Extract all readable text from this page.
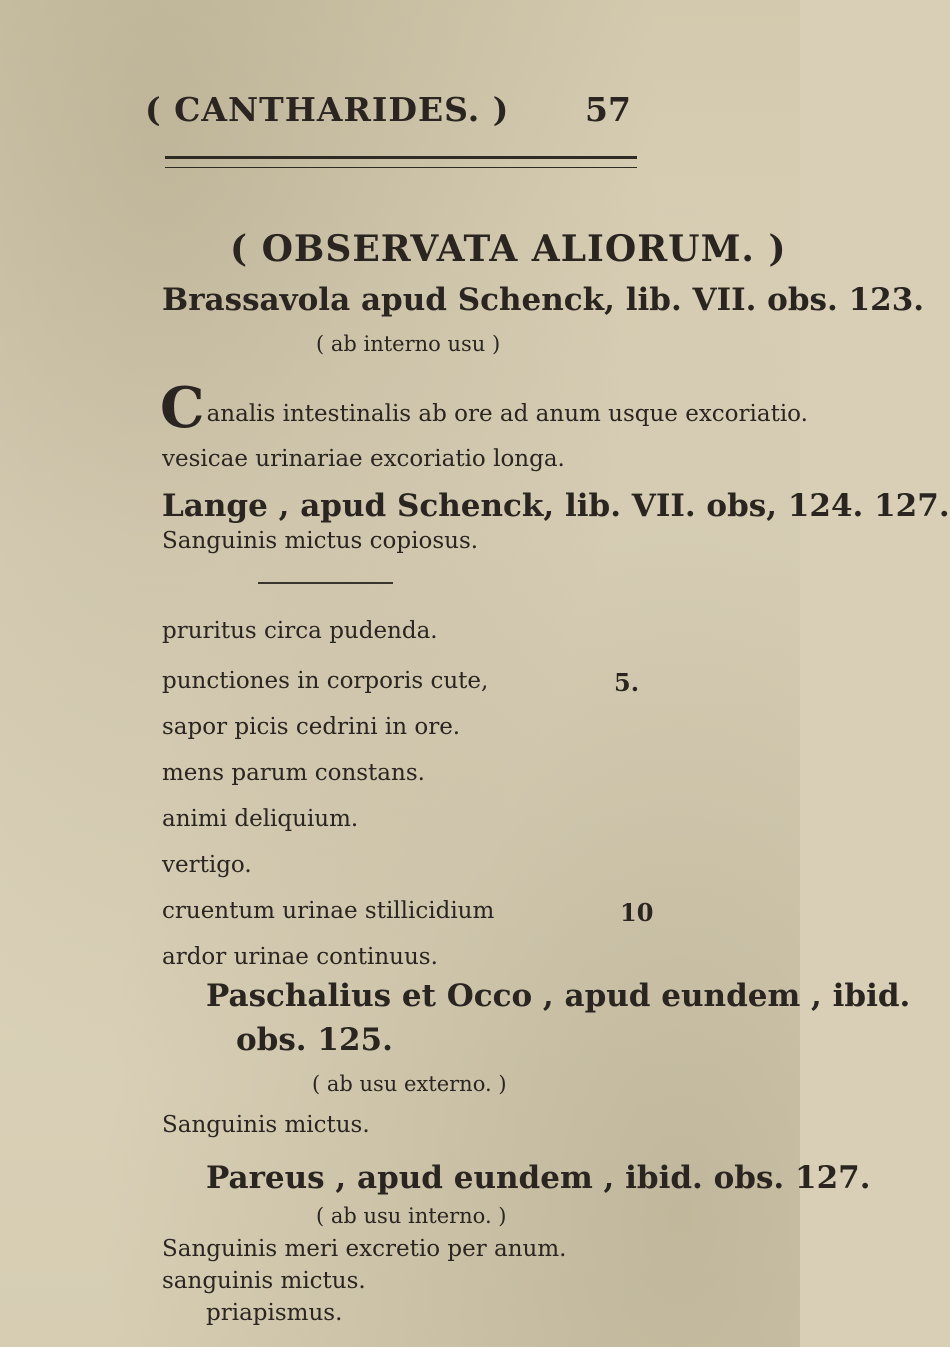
( CANTHARIDES. ) 57
( OBSERVATA ALIORUM. )
Brassavola apud Schenck, lib. VII. obs. 123.
( ab interno usu )
Canalis intestinalis ab ore ad anum usque excoriatio.
vesicae urinariae excoriatio longa.
Lange , apud Schenck, lib. VII. obs, 124. 127.
Sanguinis mictus copiosus.
pruritus circa pudenda.
punctiones in corporis cute,	5.
sapor picis cedrini in ore.
mens parum constans.
animi deliquium.
vertigo.
cruentum urinae stillicidium	10
ardor urinae continuus.
Paschalius et Occo , apud eundem , ibid.
obs. 125.
( ab usu externo. )
Sanguinis mictus.
Pareus , apud eundem , ibid. obs. 127.
( ab usu interno. )
Sanguinis meri excretio per anum.
sanguinis mictus.
priapismus.
